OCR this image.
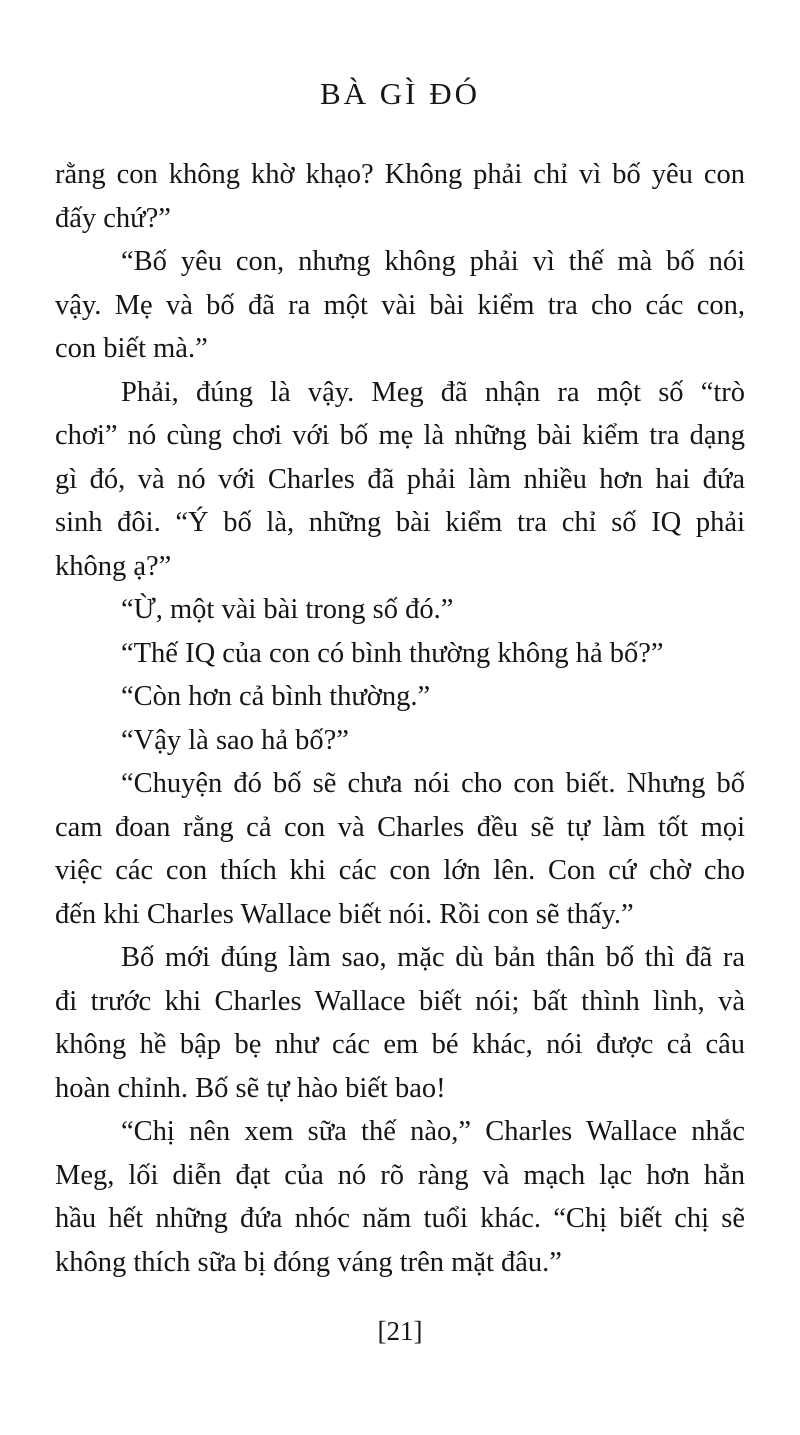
BÀ GÌ ĐÓ
rằng con không khờ khạo? Không phải chỉ vì bố yêu con
đấy chứ?”
“Bố yêu con, nhưng không phải vì thế mà bố nói
vậy. Mẹ và bố đã ra một vài bài kiểm tra cho các con,
con biết mà.”
Phải, đúng là vậy. Meg đã nhận ra một số “trò
chơi” nó cùng chơi với bố mẹ là những bài kiểm tra dạng
gì đó, và nó với Charles đã phải làm nhiều hơn hai đứa
sinh đôi. “Ý bố là, những bài kiểm tra chỉ số IQ phải
không ạ?”
“Ừ, một vài bài trong số đó.”
“Thế IQ của con có bình thường không hả bố?”
“Còn hơn cả bình thường.”
“Vậy là sao hả bố?”
“Chuyện đó bố sẽ chưa nói cho con biết. Nhưng bố
cam đoan rằng cả con và Charles đều sẽ tự làm tốt mọi
việc các con thích khi các con lớn lên. Con cứ chờ cho
đến khi Charles Wallace biết nói. Rồi con sẽ thấy.”
Bố mới đúng làm sao, mặc dù bản thân bố thì đã ra
đi trước khi Charles Wallace biết nói; bất thình lình, và
không hề bập bẹ như các em bé khác, nói được cả câu
hoàn chỉnh. Bố sẽ tự hào biết bao!
“Chị nên xem sữa thế nào,” Charles Wallace nhắc
Meg, lối diễn đạt của nó rõ ràng và mạch lạc hơn hẳn
hầu hết những đứa nhóc năm tuổi khác. “Chị biết chị sẽ
không thích sữa bị đóng váng trên mặt đâu.”
[21]
